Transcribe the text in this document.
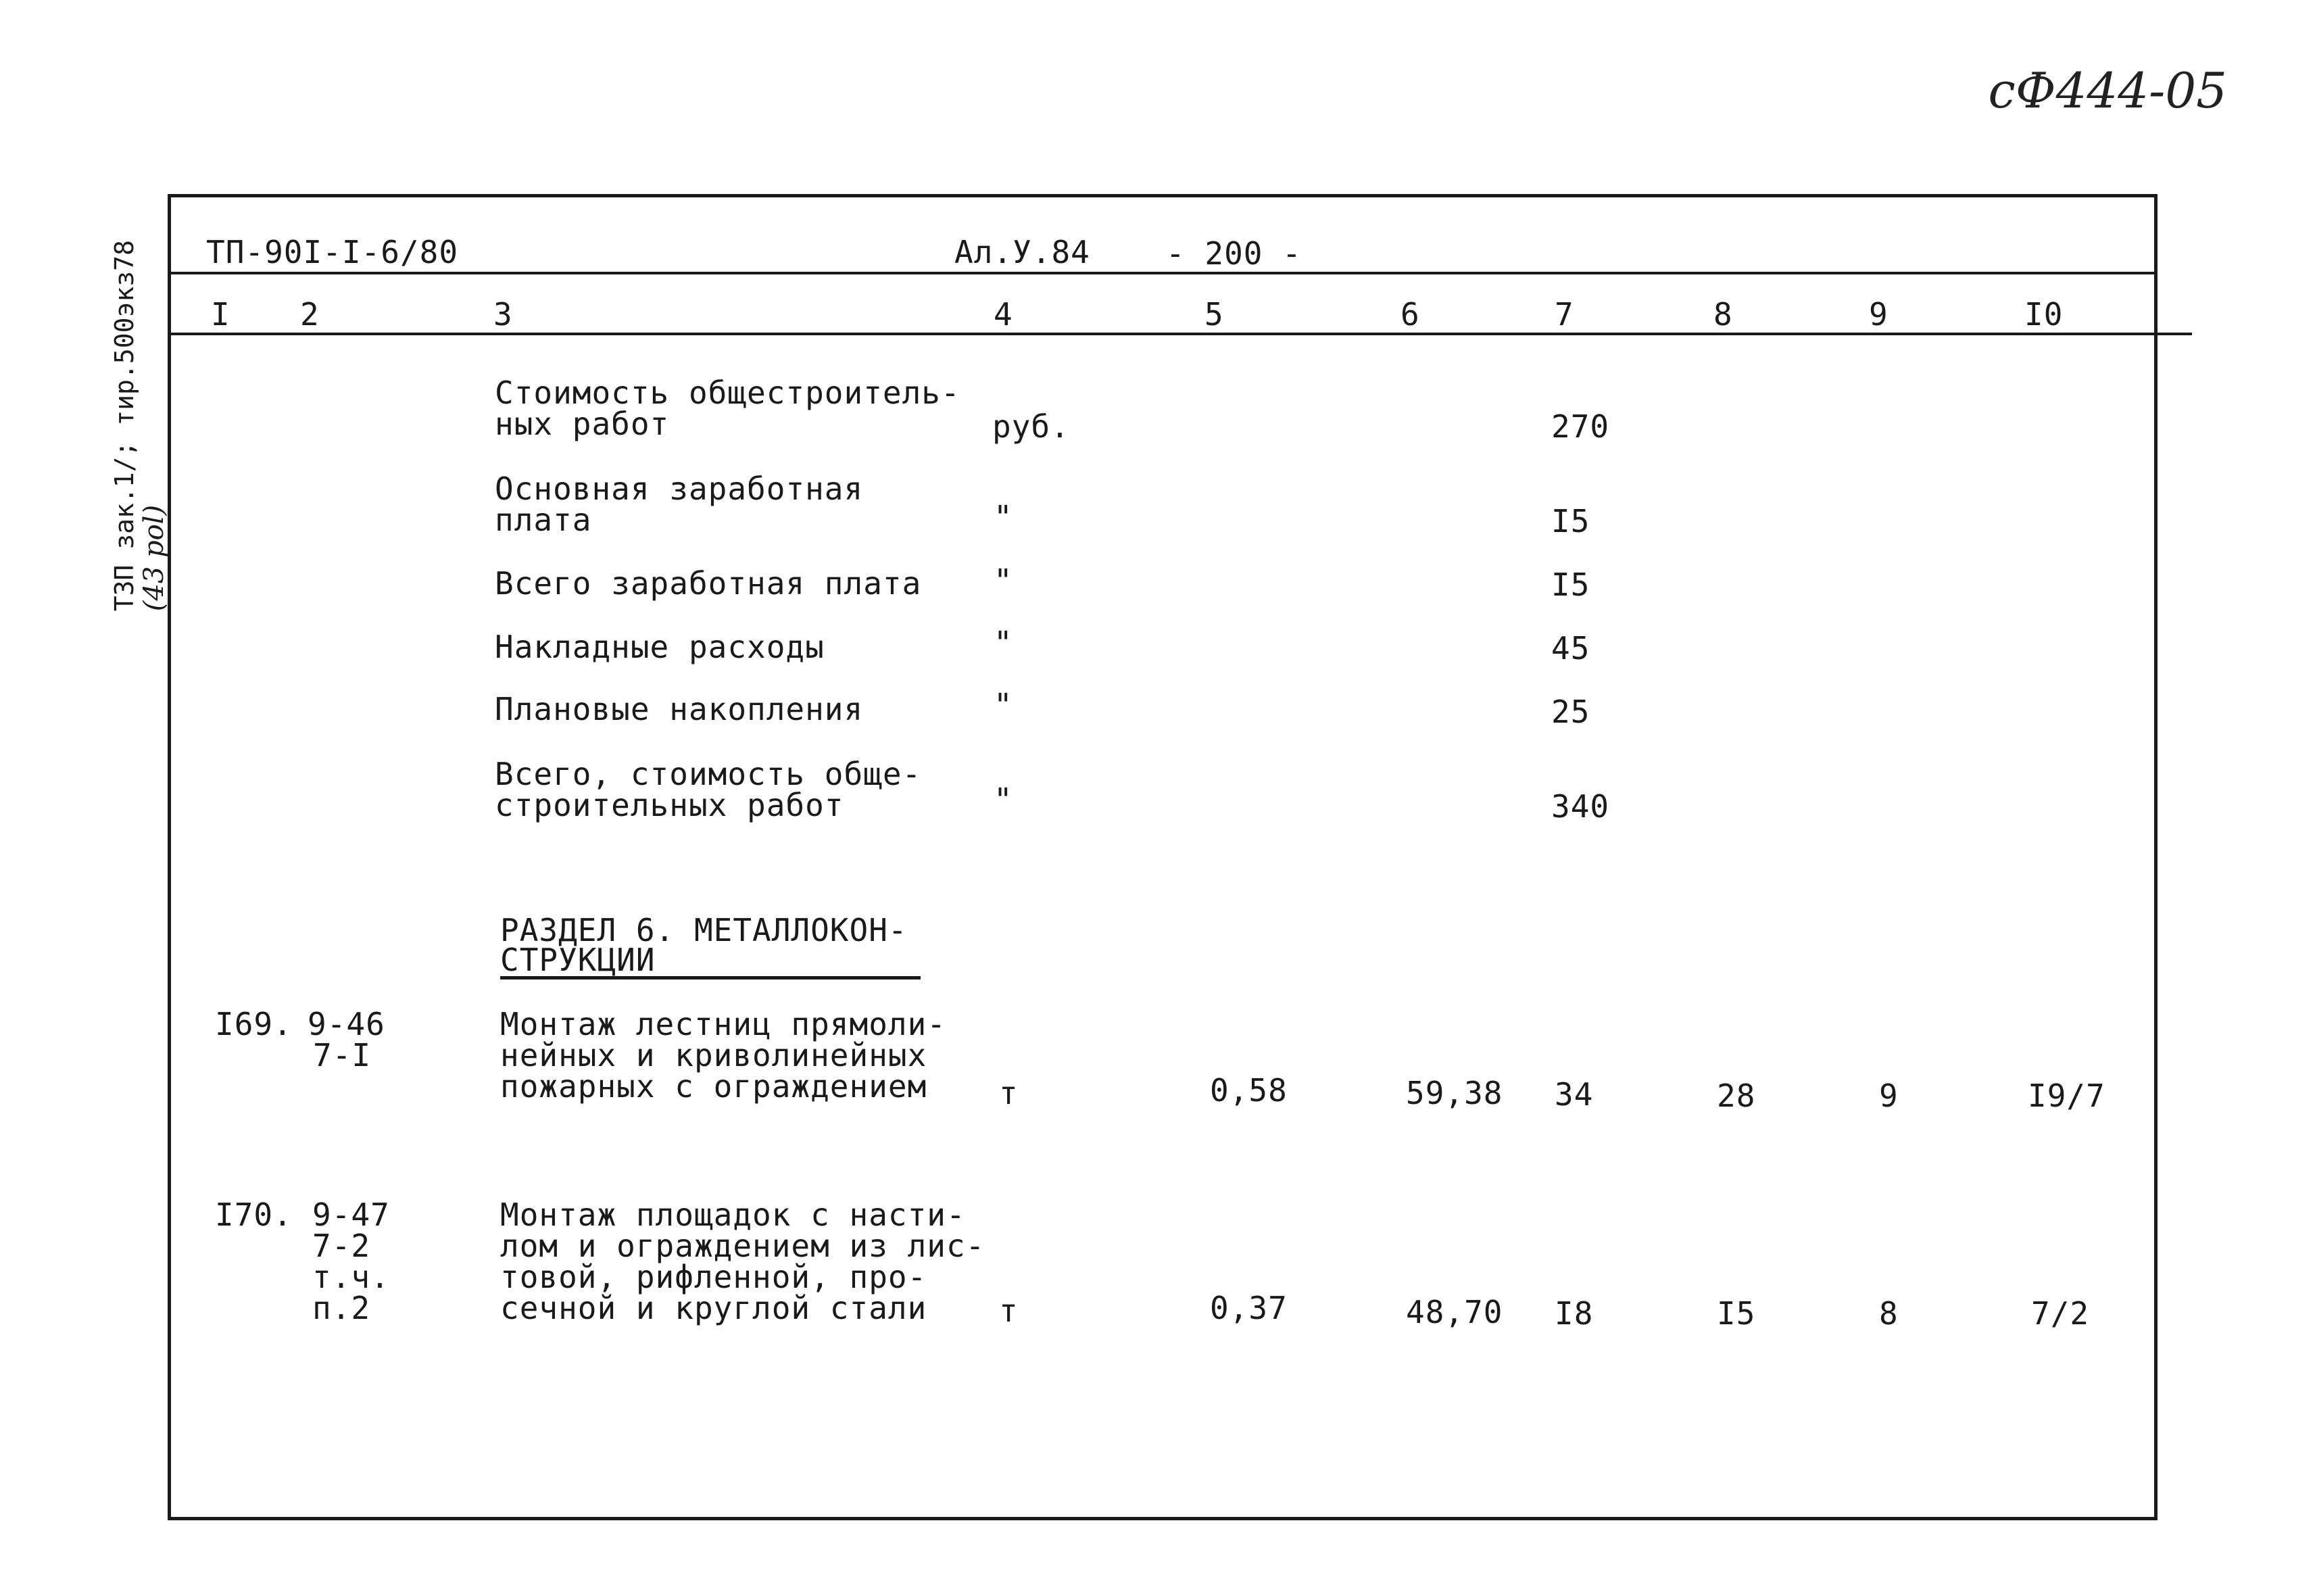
сФ444-05

ТЗП зак.1/; тир.500экз78
(43 pol)

ТП-90I-I-6/80	Ал.У.84 - 200 -
I 2	3	4	5	6	7	8	9	I0
Стоимость общестроитель-
ных работ	руб.	270
Основная заработная
плата	"	I5
Всего заработная плата "	I5
Накладные расходы	"	45
Плановые накопления	"	25
Всего, стоимость обще-
строительных работ	"	340
РАЗДЕЛ 6. МЕТАЛЛОКОН-
СТРУКЦИИ
I69. 9-46
7-I
Монтаж лестниц прямоли-
нейных и криволинейных
пожарных с ограждением	т	0,58	59,38 34	28	9	I9/7
I70. 9-47
7-2
т.ч.
п.2
Монтаж площадок с насти-
лом и ограждением из лис-
товой, рифленной, про-
сечной и круглой стали	т	0,37	48,70 I8	I5	8	7/2
